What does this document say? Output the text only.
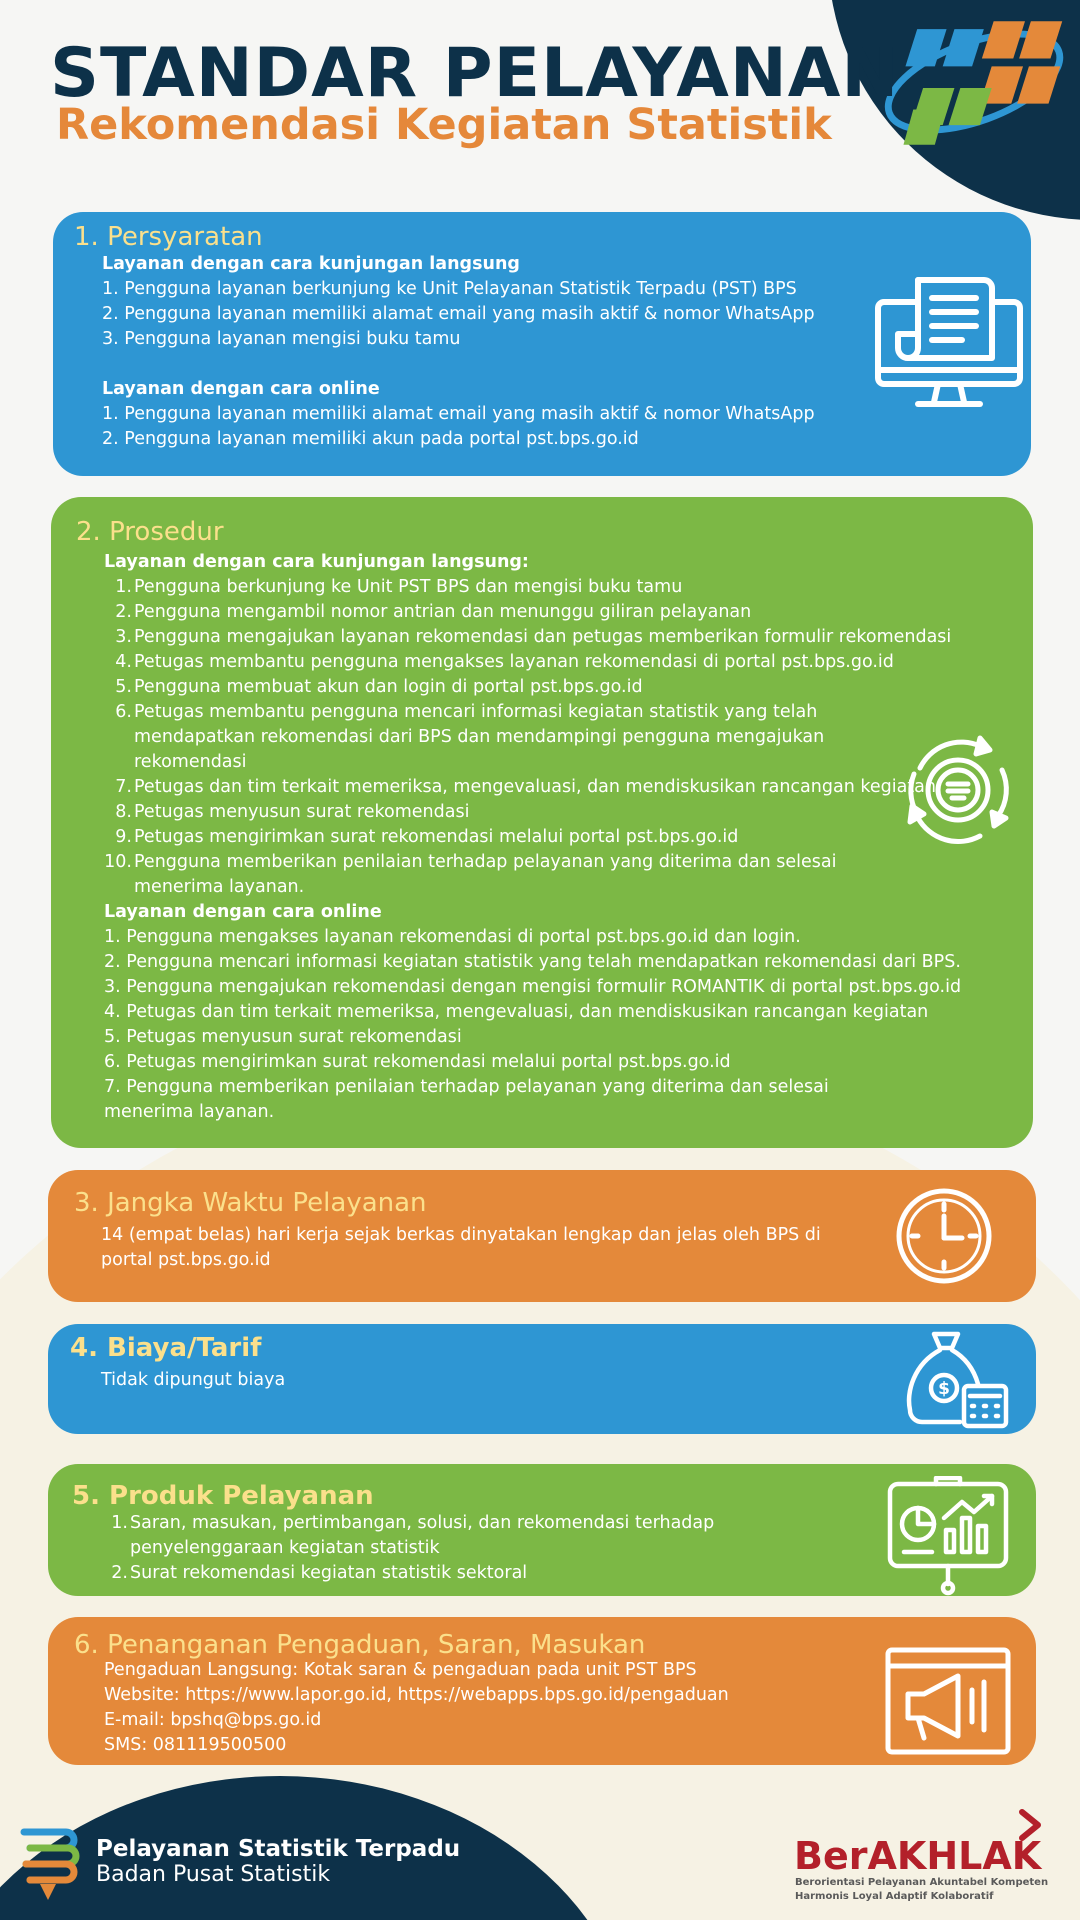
STANDAR PELAYANAN
Rekomendasi Kegiatan Statistik
1. Persyaratan
Layanan dengan cara kunjungan langsung
1. Pengguna layanan berkunjung ke Unit Pelayanan Statistik Terpadu (PST) BPS
2. Pengguna layanan memiliki alamat email yang masih aktif & nomor WhatsApp
3. Pengguna layanan mengisi buku tamu
Layanan dengan cara online
1. Pengguna layanan memiliki alamat email yang masih aktif & nomor WhatsApp
2. Pengguna layanan memiliki akun pada portal pst.bps.go.id
2. Prosedur
Layanan dengan cara kunjungan langsung:
1. Pengguna berkunjung ke Unit PST BPS dan mengisi buku tamu
2. Pengguna mengambil nomor antrian dan menunggu giliran pelayanan
3. Pengguna mengajukan layanan rekomendasi dan petugas memberikan formulir rekomendasi
4. Petugas membantu pengguna mengakses layanan rekomendasi di portal pst.bps.go.id
5. Pengguna membuat akun dan login di portal pst.bps.go.id
6. Petugas membantu pengguna mencari informasi kegiatan statistik yang telah mendapatkan rekomendasi dari BPS dan mendampingi pengguna mengajukan rekomendasi
7. Petugas dan tim terkait memeriksa, mengevaluasi, dan mendiskusikan rancangan kegiatan
8. Petugas menyusun surat rekomendasi
9. Petugas mengirimkan surat rekomendasi melalui portal pst.bps.go.id
10. Pengguna memberikan penilaian terhadap pelayanan yang diterima dan selesai menerima layanan.
Layanan dengan cara online
1. Pengguna mengakses layanan rekomendasi di portal pst.bps.go.id dan login.
2. Pengguna mencari informasi kegiatan statistik yang telah mendapatkan rekomendasi dari BPS.
3. Pengguna mengajukan rekomendasi dengan mengisi formulir ROMANTIK di portal pst.bps.go.id
4. Petugas dan tim terkait memeriksa, mengevaluasi, dan mendiskusikan rancangan kegiatan
5. Petugas menyusun surat rekomendasi
6. Petugas mengirimkan surat rekomendasi melalui portal pst.bps.go.id
7. Pengguna memberikan penilaian terhadap pelayanan yang diterima dan selesai menerima layanan.
3. Jangka Waktu Pelayanan
14 (empat belas) hari kerja sejak berkas dinyatakan lengkap dan jelas oleh BPS di portal pst.bps.go.id
4. Biaya/Tarif
Tidak dipungut biaya	$
5. Produk Pelayanan
1. Saran, masukan, pertimbangan, solusi, dan rekomendasi terhadap penyelenggaraan kegiatan statistik
2. Surat rekomendasi kegiatan statistik sektoral
6. Penanganan Pengaduan, Saran, Masukan
Pengaduan Langsung: Kotak saran & pengaduan pada unit PST BPS
Website: https://www.lapor.go.id, https://webapps.bps.go.id/pengaduan
E-mail: bpshq@bps.go.id
SMS: 081119500500
Pelayanan Statistik Terpadu
Badan Pusat Statistik	BerAKHLAK
Berorientasi Pelayanan Akuntabel Kompeten
Harmonis Loyal Adaptif Kolaboratif
